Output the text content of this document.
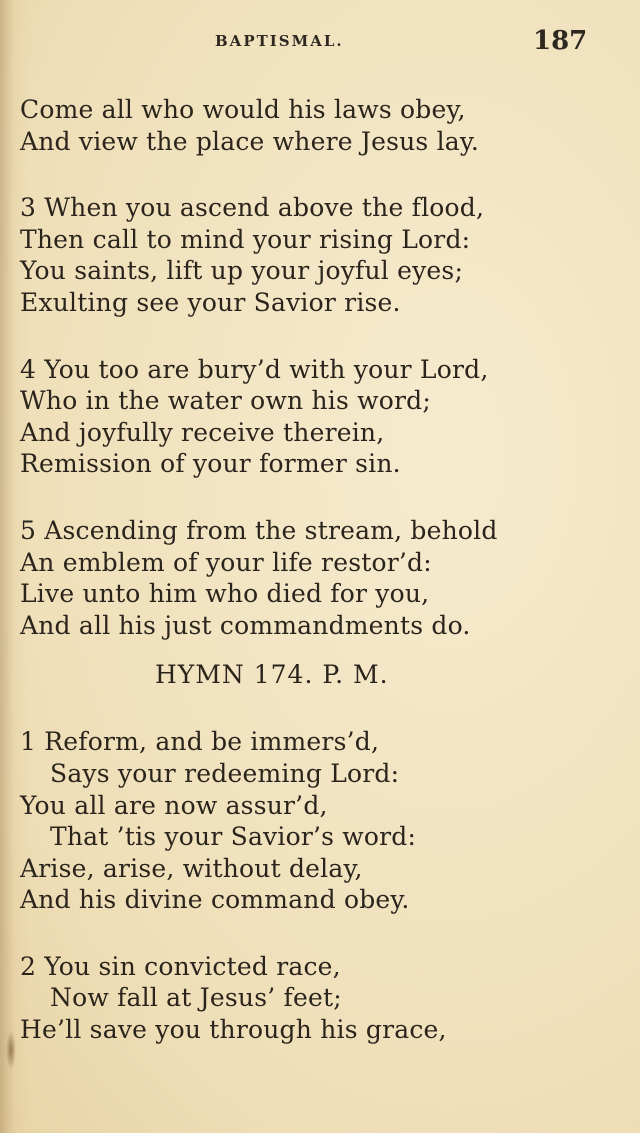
BAPTISMAL.	187
Come all who would his laws obey,
And view the place where Jesus lay.
3 When you ascend above the flood,
Then call to mind your rising Lord:
You saints, lift up your joyful eyes;
Exulting see your Savior rise.
4 You too are bury’d with your Lord,
Who in the water own his word;
And joyfully receive therein,
Remission of your former sin.
5 Ascending from the stream, behold
An emblem of your life restor’d:
Live unto him who died for you,
And all his just commandments do.
HYMN 174. P. M.
1 Reform, and be immers’d,
Says your redeeming Lord:
You all are now assur’d,
That ’tis your Savior’s word:
Arise, arise, without delay,
And his divine command obey.
2 You sin convicted race,
Now fall at Jesus’ feet;
He’ll save you through his grace,
